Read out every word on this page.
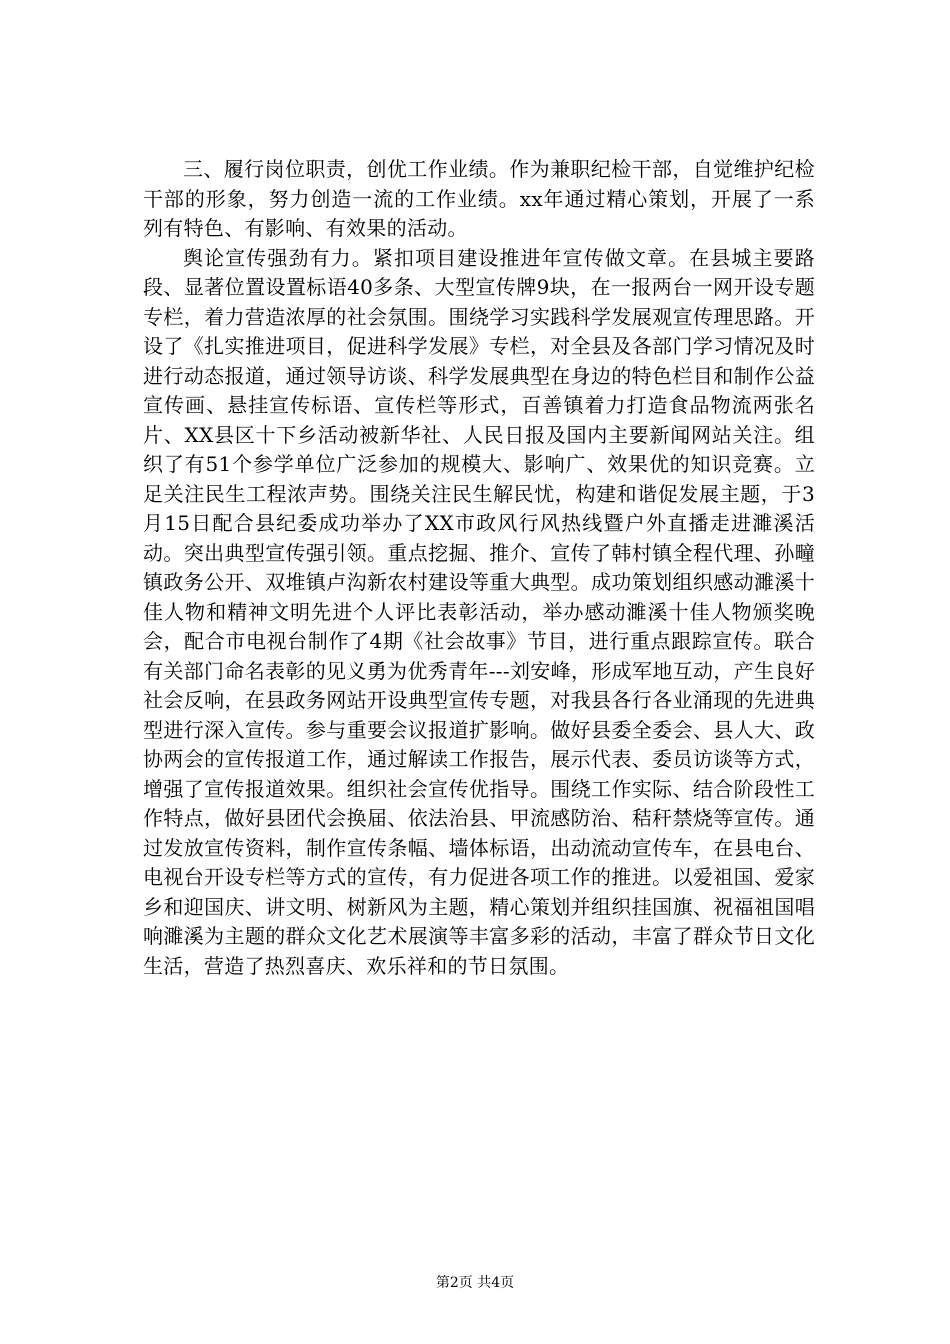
三、履行岗位职责，创优工作业绩。作为兼职纪检干部，自觉维护纪检干部的形象，努力创造一流的工作业绩。xx年通过精心策划，开展了一系列有特色、有影响、有效果的活动。

舆论宣传强劲有力。紧扣项目建设推进年宣传做文章。在县城主要路段、显著位置设置标语40多条、大型宣传牌9块，在一报两台一网开设专题专栏，着力营造浓厚的社会氛围。围绕学习实践科学发展观宣传理思路。开设了《扎实推进项目，促进科学发展》专栏，对全县及各部门学习情况及时进行动态报道，通过领导访谈、科学发展典型在身边的特色栏目和制作公益宣传画、悬挂宣传标语、宣传栏等形式，百善镇着力打造食品物流两张名片、XX县区十下乡活动被新华社、人民日报及国内主要新闻网站关注。组织了有51个参学单位广泛参加的规模大、影响广、效果优的知识竞赛。立足关注民生工程浓声势。围绕关注民生解民忧，构建和谐促发展主题，于3月15日配合县纪委成功举办了XX市政风行风热线暨户外直播走进濉溪活动。突出典型宣传强引领。重点挖掘、推介、宣传了韩村镇全程代理、孙疃镇政务公开、双堆镇卢沟新农村建设等重大典型。成功策划组织感动濉溪十佳人物和精神文明先进个人评比表彰活动，举办感动濉溪十佳人物颁奖晚会，配合市电视台制作了4期《社会故事》节目，进行重点跟踪宣传。联合有关部门命名表彰的见义勇为优秀青年---刘安峰，形成军地互动，产生良好社会反响，在县政务网站开设典型宣传专题，对我县各行各业涌现的先进典型进行深入宣传。参与重要会议报道扩影响。做好县委全委会、县人大、政协两会的宣传报道工作，通过解读工作报告，展示代表、委员访谈等方式，增强了宣传报道效果。组织社会宣传优指导。围绕工作实际、结合阶段性工作特点，做好县团代会换届、依法治县、甲流感防治、秸秆禁烧等宣传。通过发放宣传资料，制作宣传条幅、墙体标语，出动流动宣传车，在县电台、电视台开设专栏等方式的宣传，有力促进各项工作的推进。以爱祖国、爱家乡和迎国庆、讲文明、树新风为主题，精心策划并组织挂国旗、祝福祖国唱响濉溪为主题的群众文化艺术展演等丰富多彩的活动，丰富了群众节日文化生活，营造了热烈喜庆、欢乐祥和的节日氛围。

第2页 共4页
